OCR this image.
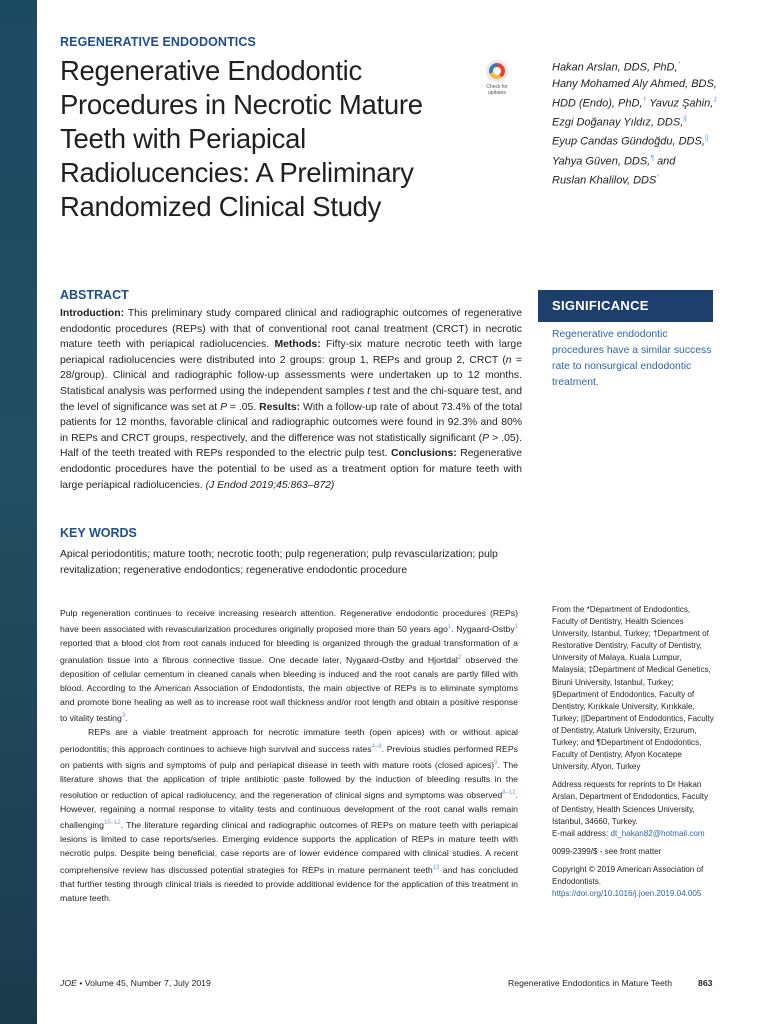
REGENERATIVE ENDODONTICS
Regenerative Endodontic Procedures in Necrotic Mature Teeth with Periapical Radiolucencies: A Preliminary Randomized Clinical Study
Check for updates
Hakan Arslan, DDS, PhD,*
Hany Mohamed Aly Ahmed, BDS, HDD (Endo), PhD,† Yavuz Şahin,‡ Ezgi Doğanay Yıldız, DDS,§
Eyup Candas Gündoğdu, DDS,|| Yahya Güven, DDS,¶ and
Ruslan Khalilov, DDS*
ABSTRACT
Introduction: This preliminary study compared clinical and radiographic outcomes of regenerative endodontic procedures (REPs) with that of conventional root canal treatment (CRCT) in necrotic mature teeth with periapical radiolucencies. Methods: Fifty-six mature necrotic teeth with large periapical radiolucencies were distributed into 2 groups: group 1, REPs and group 2, CRCT (n = 28/group). Clinical and radiographic follow-up assessments were undertaken up to 12 months. Statistical analysis was performed using the independent samples t test and the chi-square test, and the level of significance was set at P = .05. Results: With a follow-up rate of about 73.4% of the total patients for 12 months, favorable clinical and radiographic outcomes were found in 92.3% and 80% in REPs and CRCT groups, respectively, and the difference was not statistically significant (P > .05). Half of the teeth treated with REPs responded to the electric pulp test. Conclusions: Regenerative endodontic procedures have the potential to be used as a treatment option for mature teeth with large periapical radiolucencies. (J Endod 2019;45:863–872)
SIGNIFICANCE
Regenerative endodontic procedures have a similar success rate to nonsurgical endodontic treatment.
KEY WORDS
Apical periodontitis; mature tooth; necrotic tooth; pulp regeneration; pulp revascularization; pulp revitalization; regenerative endodontics; regenerative endodontic procedure

Pulp regeneration continues to receive increasing research attention. Regenerative endodontic procedures (REPs) have been associated with revascularization procedures originally proposed more than 50 years ago$^1$. Nygaard-Ostby$^1$ reported that a blood clot from root canals induced for bleeding is organized through the gradual transformation of a granulation tissue into a fibrous connective tissue. One decade later, Nygaard-Ostby and Hjortdal$^2$ observed the deposition of cellular cementum in cleaned canals when bleeding is induced and the root canals are partly filled with blood. According to the American Association of Endodontists, the main objective of REPs is to eliminate symptoms and promote bone healing as well as to increase root wall thickness and/or root length and obtain a positive response to vitality testing$^3$.

REPs are a viable treatment approach for necrotic immature teeth (open apices) with or without apical periodontitis; this approach continues to achieve high survival and success rates$^{4-8}$. Previous studies performed REPs on patients with signs and symptoms of pulp and periapical disease in teeth with mature roots (closed apices)$^9$. The literature shows that the application of triple antibiotic paste followed by the induction of bleeding results in the resolution or reduction of apical radiolucency, and the regeneration of clinical signs and symptoms was observed$^{9-12}$. However, regaining a normal response to vitality tests and continuous development of the root canal walls remain challenging$^{10-12}$. The literature regarding clinical and radiographic outcomes of REPs on mature teeth with periapical lesions is limited to case reports/series. Emerging evidence supports the application of REPs in mature teeth with necrotic pulps. Despite being beneficial, case reports are of lower evidence compared with clinical studies. A recent comprehensive review has discussed potential strategies for REPs in mature permanent teeth$^{13}$ and has concluded that further testing through clinical trials is needed to provide additional evidence for the application of this treatment in mature teeth.

From the *Department of Endodontics, Faculty of Dentistry, Health Sciences University, Istanbul, Turkey; †Department of Restorative Dentistry, Faculty of Dentistry, University of Malaya, Kuala Lumpur, Malaysia; ‡Department of Medical Genetics, Biruni University, Istanbul, Turkey; §Department of Endodontics, Faculty of Dentistry, Kırıkkale University, Kırıkkale, Turkey; ||Department of Endodontics, Faculty of Dentistry, Ataturk University, Erzurum, Turkey; and ¶Department of Endodontics, Faculty of Dentistry, Afyon Kocatepe University, Afyon, Turkey

Address requests for reprints to Dr Hakan Arslan, Department of Endodontics, Faculty of Dentistry, Health Sciences University, Istanbul, 34660, Turkey.
E-mail address: dt_hakan82@hotmail.com

0099-2399/$ - see front matter

Copyright © 2019 American Association of Endodontists.
https://doi.org/10.1016/j.joen.2019.04.005

JOE • Volume 45, Number 7, July 2019	Regenerative Endodontics in Mature Teeth	863
